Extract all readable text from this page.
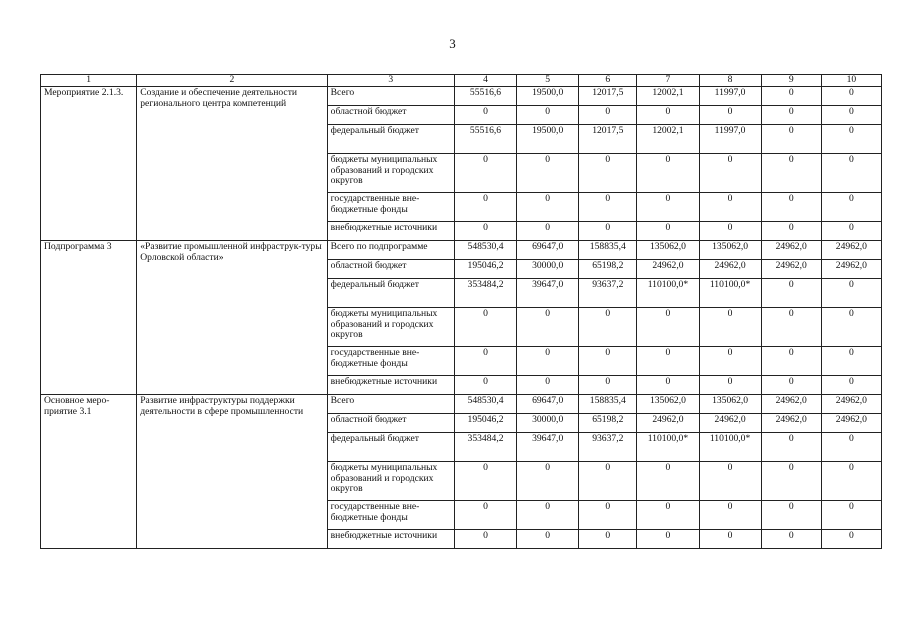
3
1	2	3	4	5	6	7	8	9	10
Мероприятие 2.1.3.	Создание и обеспечение деятельности регионального центра компетенций	Всего	55516,6	19500,0	12017,5	12002,1	11997,0	0	0
		областной бюджет	0	0	0	0	0	0	0
		федеральный бюджет	55516,6	19500,0	12017,5	12002,1	11997,0	0	0
		бюджеты муниципальных образований и городских округов	0	0	0	0	0	0	0
		государственные вне-бюджетные фонды	0	0	0	0	0	0	0
		внебюджетные источники	0	0	0	0	0	0	0
Подпрограмма 3	«Развитие промышленной инфраструк-туры Орловской области»	Всего по подпрограмме	548530,4	69647,0	158835,4	135062,0	135062,0	24962,0	24962,0
		областной бюджет	195046,2	30000,0	65198,2	24962,0	24962,0	24962,0	24962,0
		федеральный бюджет	353484,2	39647,0	93637,2	110100,0*	110100,0*	0	0
		бюджеты муниципальных образований и городских округов	0	0	0	0	0	0	0
		государственные вне-бюджетные фонды	0	0	0	0	0	0	0
		внебюджетные источники	0	0	0	0	0	0	0
Основное меро-приятие 3.1	Развитие инфраструктуры поддержки деятельности в сфере промышленности	Всего	548530,4	69647,0	158835,4	135062,0	135062,0	24962,0	24962,0
		областной бюджет	195046,2	30000,0	65198,2	24962,0	24962,0	24962,0	24962,0
		федеральный бюджет	353484,2	39647,0	93637,2	110100,0*	110100,0*	0	0
		бюджеты муниципальных образований и городских округов	0	0	0	0	0	0	0
		государственные вне-бюджетные фонды	0	0	0	0	0	0	0
		внебюджетные источники	0	0	0	0	0	0	0
